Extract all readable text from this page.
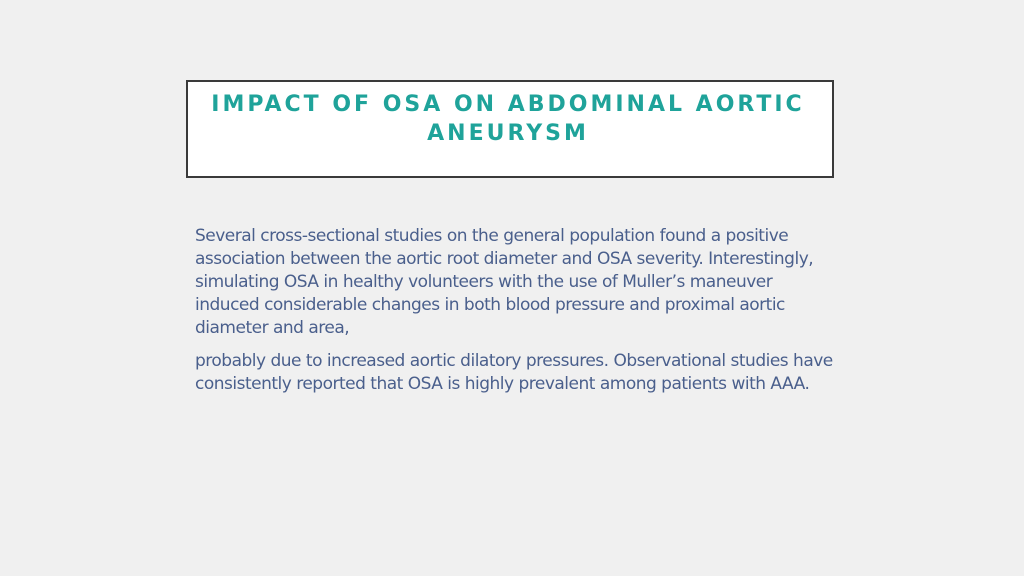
IMPACT OF OSA ON ABDOMINAL AORTIC ANEURYSM

Several cross-sectional studies on the general population found a positive association between the aortic root diameter and OSA severity. Interestingly, simulating OSA in healthy volunteers with the use of Muller’s maneuver induced considerable changes in both blood pressure and proximal aortic diameter and area,

probably due to increased aortic dilatory pressures. Observational studies have consistently reported that OSA is highly prevalent among patients with AAA.
